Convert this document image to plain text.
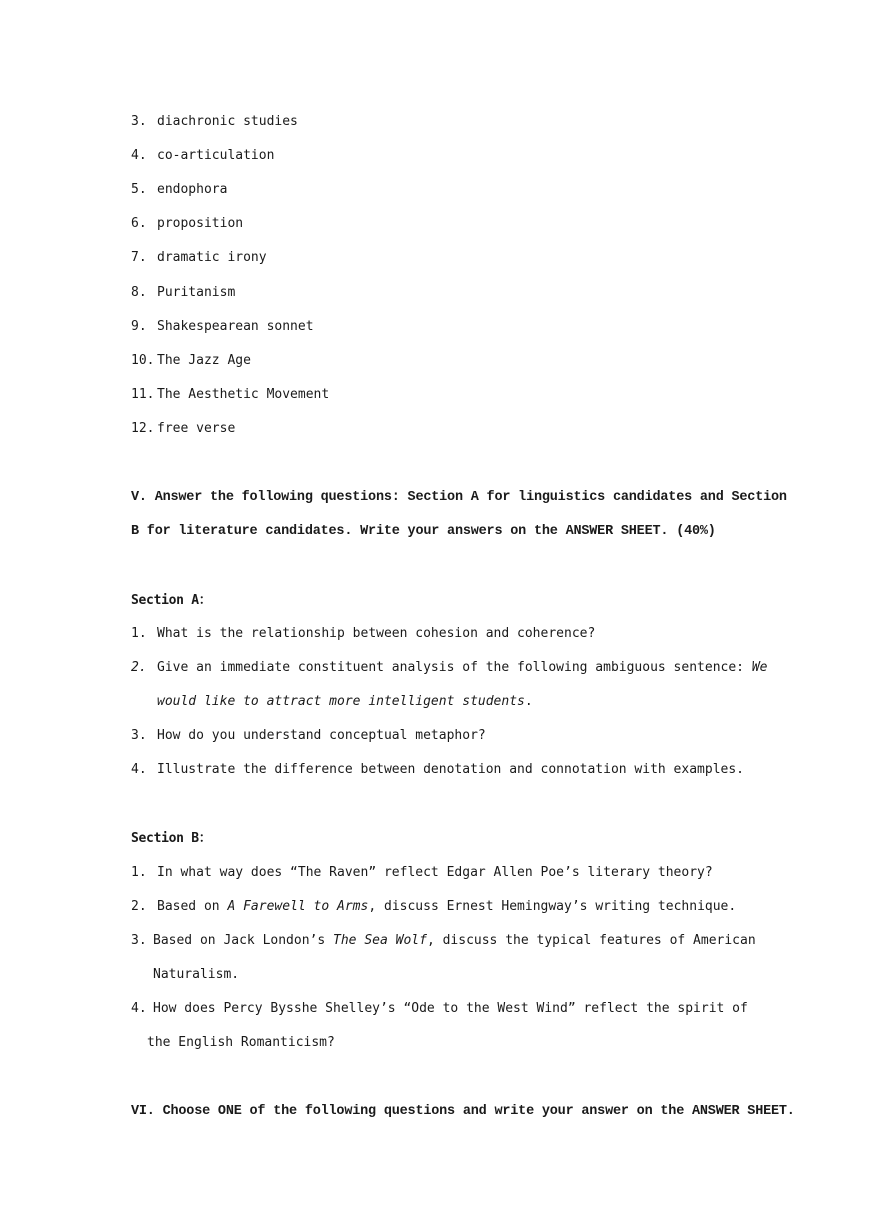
3. diachronic studies
4. co-articulation
5. endophora
6. proposition
7. dramatic irony
8. Puritanism
9. Shakespearean sonnet
10. The Jazz Age
11. The Aesthetic Movement
12. free verse
V. Answer the following questions: Section A for linguistics candidates and Section
B for literature candidates. Write your answers on the ANSWER SHEET. (40%)
Section A：
1. What is the relationship between cohesion and coherence?
2. Give an immediate constituent analysis of the following ambiguous sentence: We
would like to attract more intelligent students.
3. How do you understand conceptual metaphor?
4. Illustrate the difference between denotation and connotation with examples.
Section B：
1. In what way does “The Raven” reflect Edgar Allen Poe’s literary theory?
2. Based on A Farewell to Arms, discuss Ernest Hemingway’s writing technique.
3. Based on Jack London’s The Sea Wolf, discuss the typical features of American
Naturalism.
4. How does Percy Bysshe Shelley’s “Ode to the West Wind” reflect the spirit of
the English Romanticism?
VI. Choose ONE of the following questions and write your answer on the ANSWER SHEET.
